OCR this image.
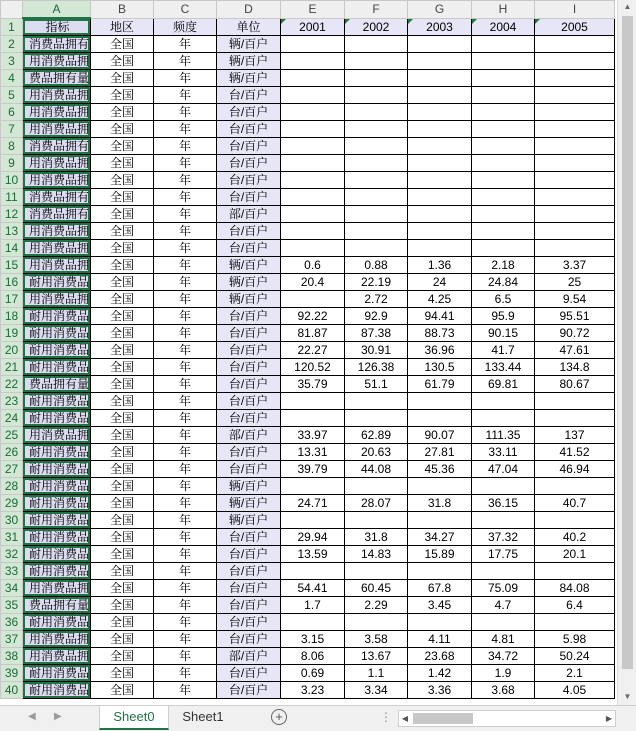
	A	B	C	D	E	F	G	H	I	
1	指标	地区	频度	单位	2001	2002	2003	2004	2005	
2	消费品拥有	全国	年	辆/百户						
3	用消费品拥	全国	年	辆/百户						
4	费品拥有量	全国	年	辆/百户						
5	用消费品拥	全国	年	台/百户						
6	用消费品拥	全国	年	台/百户						
7	用消费品拥	全国	年	台/百户						
8	消费品拥有	全国	年	台/百户						
9	用消费品拥	全国	年	台/百户						
10	用消费品拥	全国	年	台/百户						
11	消费品拥有	全国	年	台/百户						
12	消费品拥有	全国	年	部/百户						
13	用消费品拥	全国	年	台/百户						
14	用消费品拥	全国	年	台/百户						
15	用消费品拥	全国	年	辆/百户	0.6	0.88	1.36	2.18	3.37	
16	耐用消费品	全国	年	辆/百户	20.4	22.19	24	24.84	25	
17	用消费品拥	全国	年	辆/百户		2.72	4.25	6.5	9.54	
18	耐用消费品	全国	年	台/百户	92.22	92.9	94.41	95.9	95.51	
19	耐用消费品	全国	年	台/百户	81.87	87.38	88.73	90.15	90.72	
20	耐用消费品	全国	年	台/百户	22.27	30.91	36.96	41.7	47.61	
21	耐用消费品	全国	年	台/百户	120.52	126.38	130.5	133.44	134.8	
22	费品拥有量	全国	年	台/百户	35.79	51.1	61.79	69.81	80.67	
23	耐用消费品	全国	年	台/百户						
24	耐用消费品	全国	年	台/百户						
25	用消费品拥	全国	年	部/百户	33.97	62.89	90.07	111.35	137	
26	耐用消费品	全国	年	台/百户	13.31	20.63	27.81	33.11	41.52	
27	耐用消费品	全国	年	台/百户	39.79	44.08	45.36	47.04	46.94	
28	耐用消费品	全国	年	辆/百户						
29	耐用消费品	全国	年	辆/百户	24.71	28.07	31.8	36.15	40.7	
30	耐用消费品	全国	年	辆/百户						
31	耐用消费品	全国	年	台/百户	29.94	31.8	34.27	37.32	40.2	
32	耐用消费品	全国	年	台/百户	13.59	14.83	15.89	17.75	20.1	
33	耐用消费品	全国	年	台/百户						
34	用消费品拥	全国	年	台/百户	54.41	60.45	67.8	75.09	84.08	
35	费品拥有量	全国	年	台/百户	1.7	2.29	3.45	4.7	6.4	
36	耐用消费品	全国	年	台/百户						
37	用消费品拥	全国	年	台/百户	3.15	3.58	4.11	4.81	5.98	
38	用消费品拥	全国	年	部/百户	8.06	13.67	23.68	34.72	50.24	
39	耐用消费品	全国	年	台/百户	0.69	1.1	1.42	1.9	2.1	
40	耐用消费品	全国	年	台/百户	3.23	3.34	3.36	3.68	4.05	
▲
▼
◀ ▶	Sheet0	Sheet1	+	⋮	◀	▶
